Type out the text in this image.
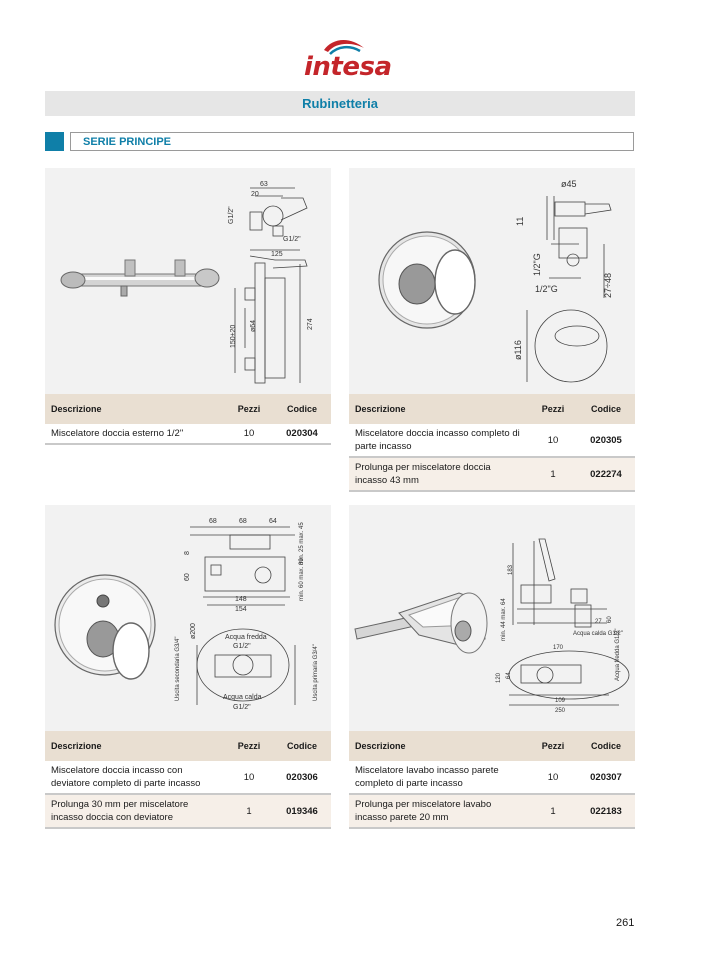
intesa
Rubinetteria
SERIE PRINCIPE
63
20
G1/2"
G1/2"
125
ø64
150±20
274
Descrizione	Pezzi	Codice
Miscelatore doccia esterno 1/2"	10	020304
ø45
11
1/2"G
1/2"G	27÷48
ø116
Descrizione	Pezzi	Codice
Miscelatore doccia incasso completo di parte incasso	10	020305
Prolunga per miscelatore doccia incasso 43 mm	1	022274
68	68	64
8
60
148
154
min. 25 max. 45
min. 60 max. 80
ø200	Acqua fredda
G1/2"
Acqua calda
G1/2"
Uscita secondaria G3/4"	Uscita primaria G3/4"
Descrizione	Pezzi	Codice
Miscelatore doccia incasso con deviatore completo di parte incasso	10	020306
Prolunga 30 mm per miscelatore incasso doccia con deviatore	1	019346
183
min. 44 max. 64	27 60
Acqua calda G1/2"
Acqua fredda G1/2"
170
120 64
109
250
Descrizione	Pezzi	Codice
Miscelatore lavabo incasso parete completo di parte incasso	10	020307
Prolunga per miscelatore lavabo incasso parete 20 mm	1	022183
261
